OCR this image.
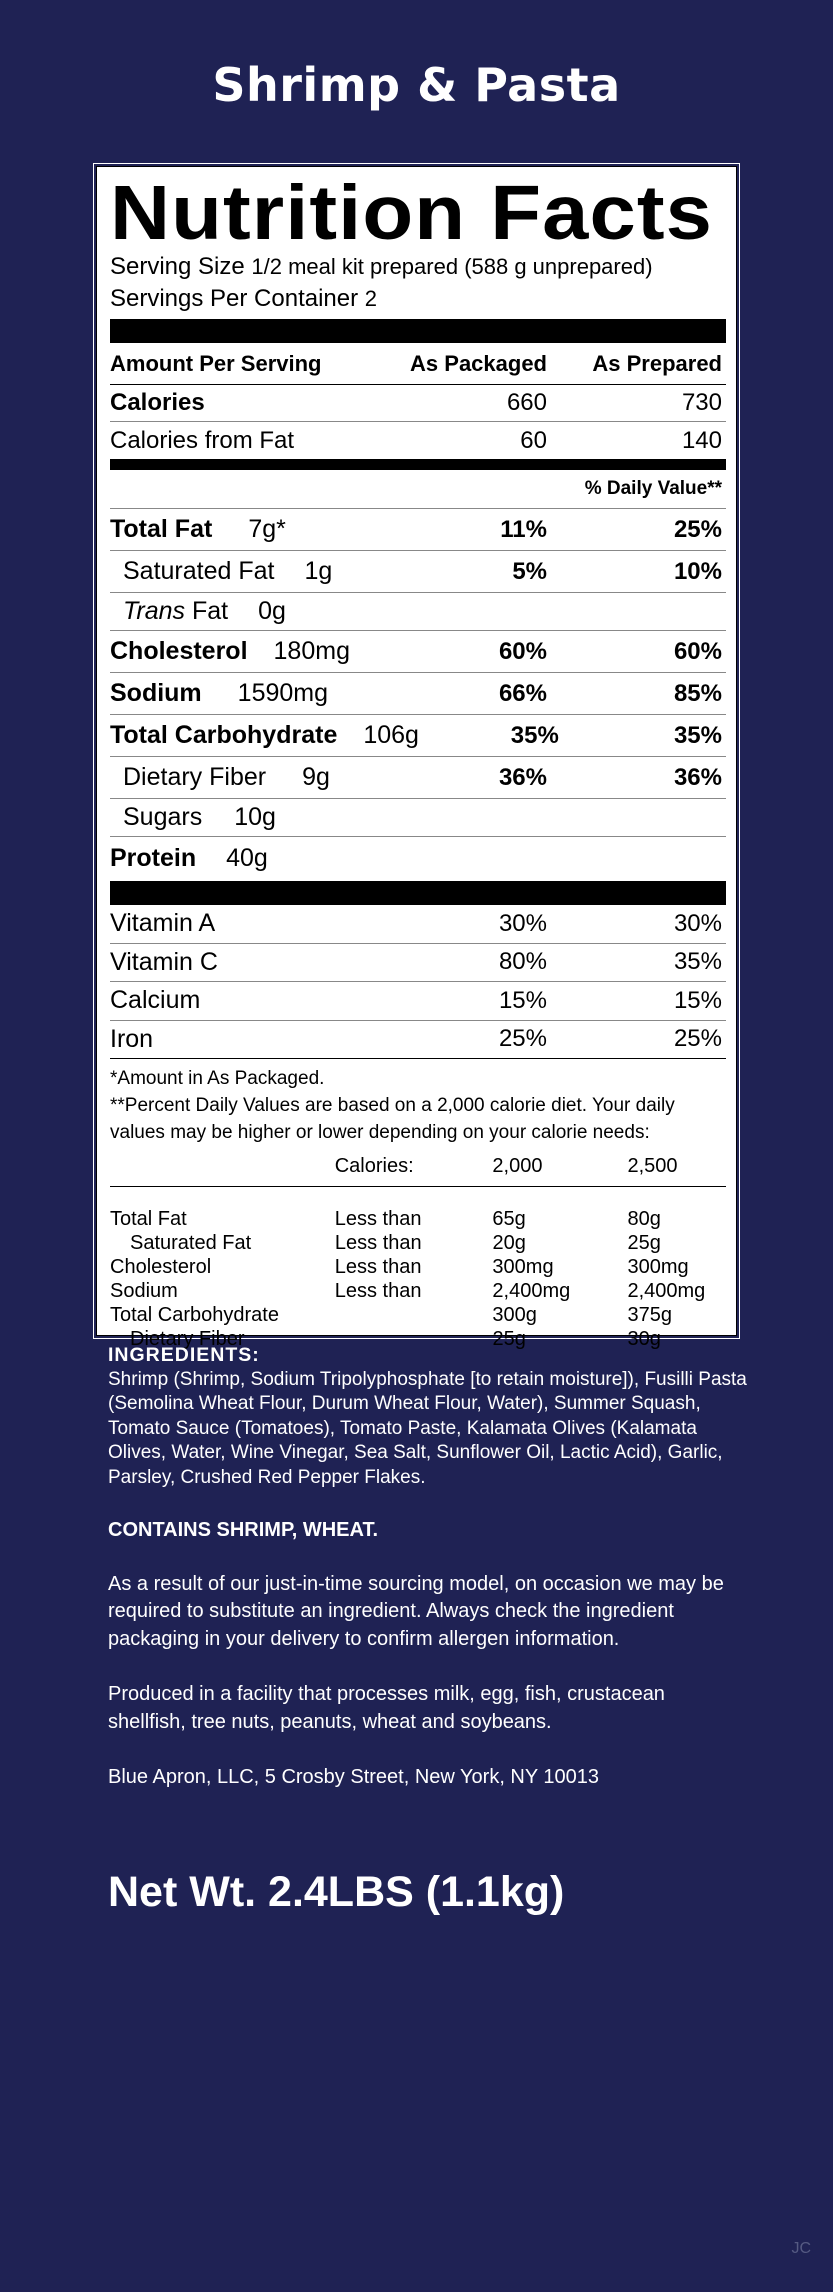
Shrimp & Pasta
Nutrition Facts
Serving Size 1/2 meal kit prepared (588 g unprepared)
Servings Per Container 2
Amount Per Serving	As Packaged	As Prepared
Calories	660	730
Calories from Fat	60	140
% Daily Value**
Total Fat 7g*	11%	25%
Saturated Fat 1g	5%	10%
Trans Fat 0g
Cholesterol 180mg	60%	60%
Sodium 1590mg	66%	85%
Total Carbohydrate 106g	35%	35%
Dietary Fiber 9g	36%	36%
Sugars 10g
Protein 40g
Vitamin A	30%	30%
Vitamin C	80%	35%
Calcium	15%	15%
Iron	25%	25%
*Amount in As Packaged.
**Percent Daily Values are based on a 2,000 calorie diet. Your daily values may be higher or lower depending on your calorie needs:
Calories:	2,000	2,500
Total Fat	Less than	65g	80g
Saturated Fat	Less than	20g	25g
Cholesterol	Less than	300mg	300mg
Sodium	Less than	2,400mg	2,400mg
Total Carbohydrate	300g	375g
Dietary Fiber	25g	30g
INGREDIENTS:
Shrimp (Shrimp, Sodium Tripolyphosphate [to retain moisture]), Fusilli Pasta (Semolina Wheat Flour, Durum Wheat Flour, Water), Summer Squash, Tomato Sauce (Tomatoes), Tomato Paste, Kalamata Olives (Kalamata Olives, Water, Wine Vinegar, Sea Salt, Sunflower Oil, Lactic Acid), Garlic, Parsley, Crushed Red Pepper Flakes.
CONTAINS SHRIMP, WHEAT.
As a result of our just-in-time sourcing model, on occasion we may be required to substitute an ingredient. Always check the ingredient packaging in your delivery to confirm allergen information.
Produced in a facility that processes milk, egg, fish, crustacean shellfish, tree nuts, peanuts, wheat and soybeans.
Blue Apron, LLC, 5 Crosby Street, New York, NY 10013
Net Wt. 2.4LBS (1.1kg)
JC
